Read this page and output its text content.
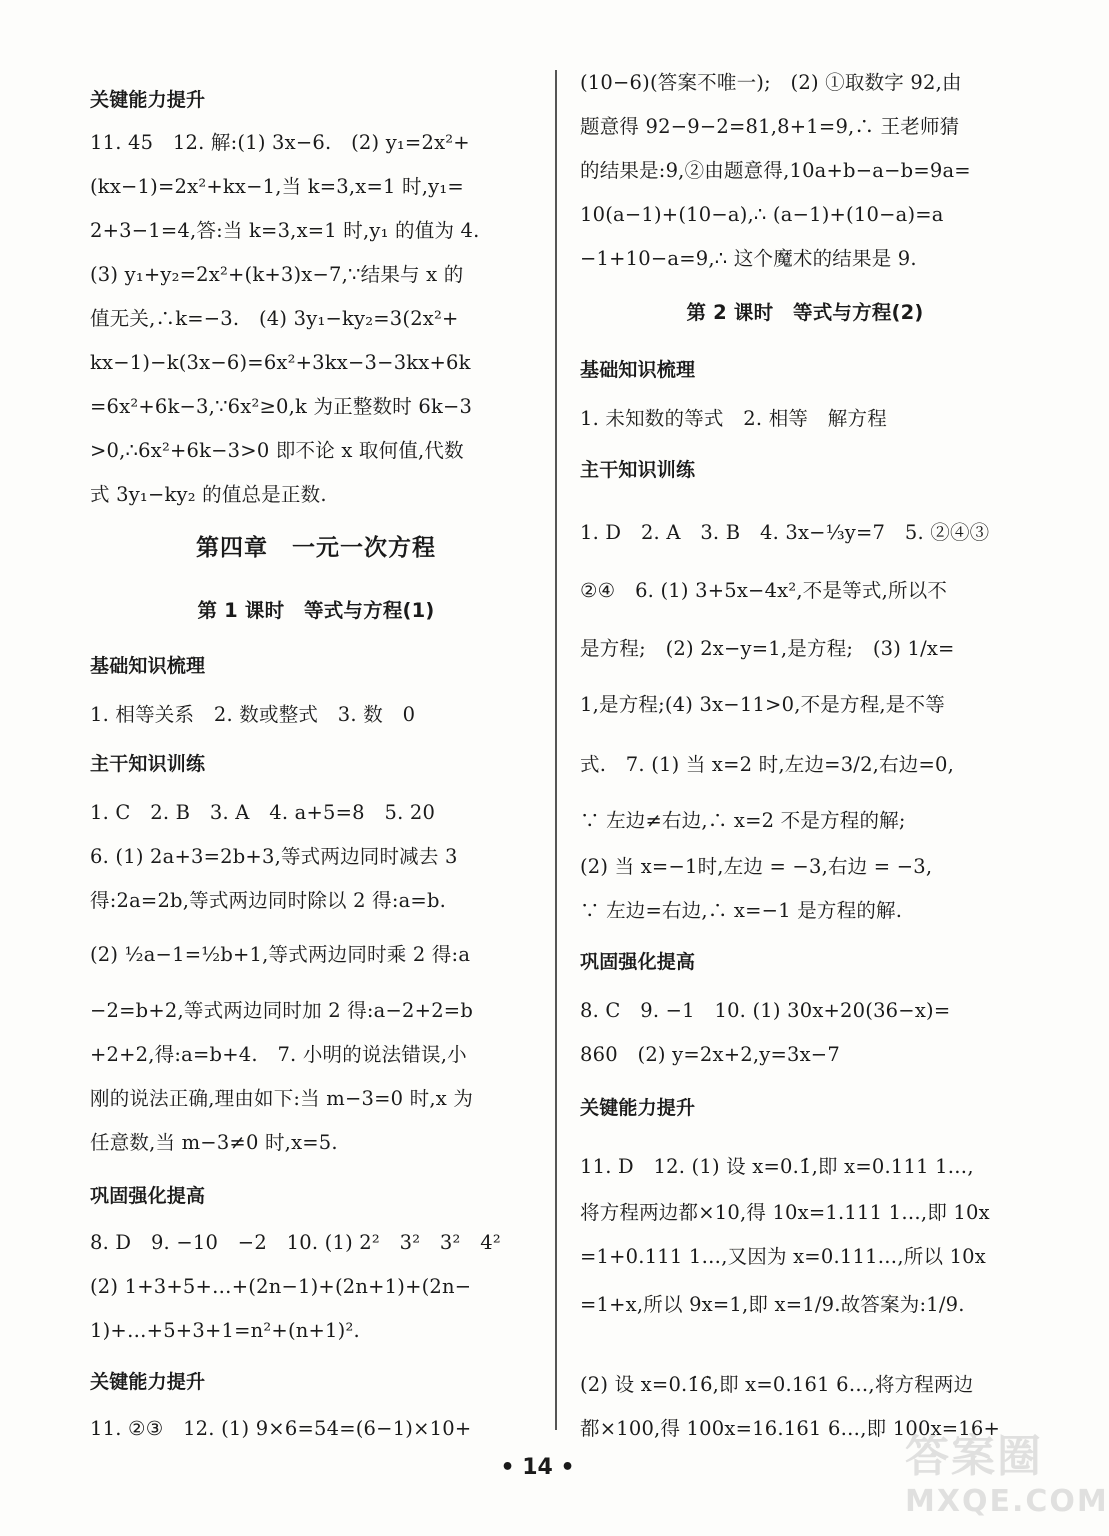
关键能力提升
11. 45　12. 解:(1) 3x−6.　(2) y₁=2x²+
(kx−1)=2x²+kx−1,当 k=3,x=1 时,y₁=
2+3−1=4,答:当 k=3,x=1 时,y₁ 的值为 4.
(3) y₁+y₂=2x²+(k+3)x−7,∵结果与 x 的
值无关,∴k=−3.　(4) 3y₁−ky₂=3(2x²+
kx−1)−k(3x−6)=6x²+3kx−3−3kx+6k
=6x²+6k−3,∵6x²≥0,k 为正整数时 6k−3
>0,∴6x²+6k−3>0 即不论 x 取何值,代数
式 3y₁−ky₂ 的值总是正数.
第四章　一元一次方程
第 1 课时　等式与方程(1)
基础知识梳理
1. 相等关系　2. 数或整式　3. 数　0
主干知识训练
1. C　2. B　3. A　4. a+5=8　5. 20
6. (1) 2a+3=2b+3,等式两边同时减去 3
得:2a=2b,等式两边同时除以 2 得:a=b.
(2) ½a−1=½b+1,等式两边同时乘 2 得:a
−2=b+2,等式两边同时加 2 得:a−2+2=b
+2+2,得:a=b+4.　7. 小明的说法错误,小
刚的说法正确,理由如下:当 m−3=0 时,x 为
任意数,当 m−3≠0 时,x=5.
巩固强化提高
8. D　9. −10　−2　10. (1) 2²　3²　3²　4²
(2) 1+3+5+…+(2n−1)+(2n+1)+(2n−
1)+…+5+3+1=n²+(n+1)².
关键能力提升
11. ②③　12. (1) 9×6=54=(6−1)×10+
(10−6)(答案不唯一);　(2) ①取数字 92,由
题意得 92−9−2=81,8+1=9,∴ 王老师猜
的结果是:9,②由题意得,10a+b−a−b=9a=
10(a−1)+(10−a),∴ (a−1)+(10−a)=a
−1+10−a=9,∴ 这个魔术的结果是 9.
第 2 课时　等式与方程(2)
基础知识梳理
1. 未知数的等式　2. 相等　解方程
主干知识训练
1. D　2. A　3. B　4. 3x−⅓y=7　5. ②④③
②④　6. (1) 3+5x−4x²,不是等式,所以不
是方程;　(2) 2x−y=1,是方程;　(3) 1/x=
1,是方程;(4) 3x−11>0,不是方程,是不等
式.　7. (1) 当 x=2 时,左边=3/2,右边=0,
∵ 左边≠右边,∴ x=2 不是方程的解;
(2) 当 x=−1时,左边 = −3,右边 = −3,
∵ 左边=右边,∴ x=−1 是方程的解.
巩固强化提高
8. C　9. −1　10. (1) 30x+20(36−x)=
860　(2) y=2x+2,y=3x−7
关键能力提升
11. D　12. (1) 设 x=0.1̇,即 x=0.111 1…,
将方程两边都×10,得 10x=1.111 1…,即 10x
=1+0.111 1…,又因为 x=0.111…,所以 10x
=1+x,所以 9x=1,即 x=1/9.故答案为:1/9.
(2) 设 x=0.1̇6̇,即 x=0.161 6…,将方程两边
都×100,得 100x=16.161 6…,即 100x=16+
• 14 •	答案圈
MXQE.COM
